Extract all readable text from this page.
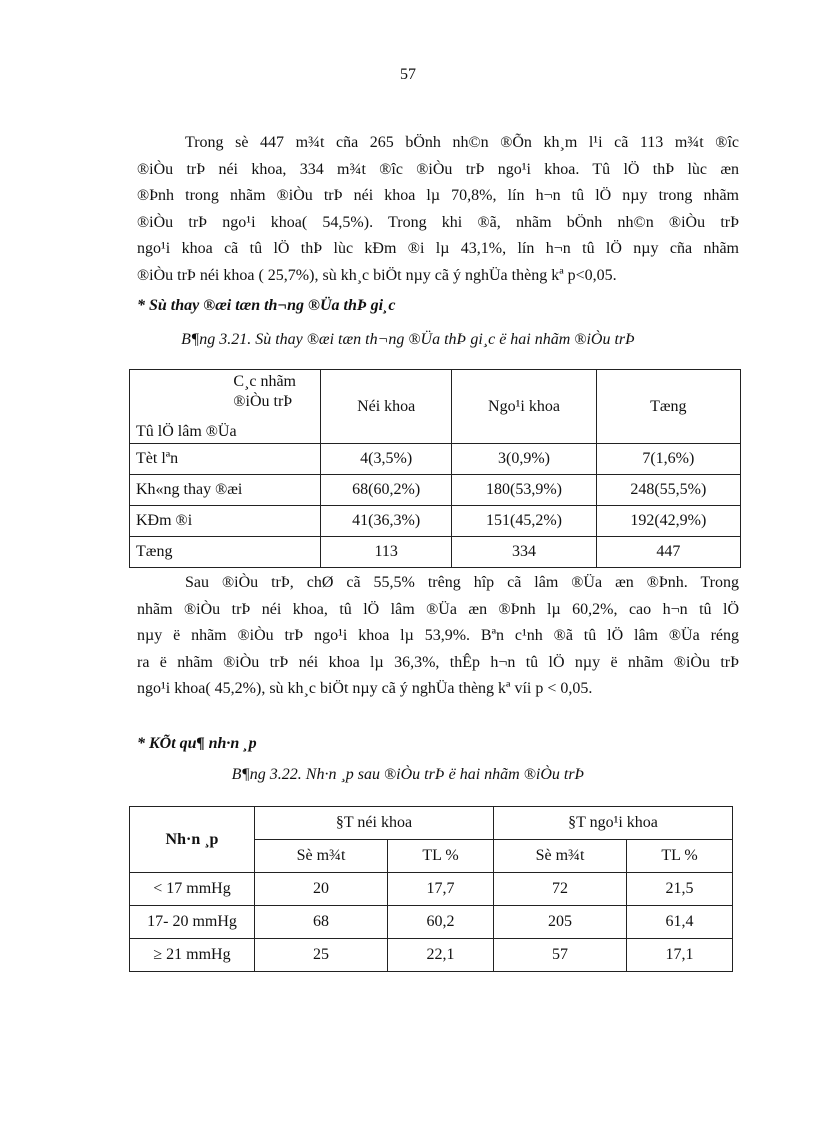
57
Trong sè 447 m¾t cña 265 bÖnh nh©n ®Õn kh¸m l¹i cã 113 m¾t ®îc
®iÒu trÞ néi khoa, 334 m¾t ®îc ®iÒu trÞ ngo¹i khoa. Tû lÖ thÞ lùc æn
®Þnh trong nhãm ®iÒu trÞ néi khoa lµ 70,8%, lín h¬n tû lÖ nµy trong nhãm
®iÒu trÞ ngo¹i khoa( 54,5%). Trong khi ®ã, nhãm bÖnh nh©n ®iÒu trÞ
ngo¹i khoa cã tû lÖ thÞ lùc kÐm ®i lµ 43,1%, lín h¬n tû lÖ nµy cña nhãm
®iÒu trÞ néi khoa ( 25,7%), sù kh¸c biÖt nµy cã ý nghÜa thèng kª p<0,05.
* Sù thay ®æi tæn th¬ng ®Üa thÞ gi¸c
B¶ng 3.21. Sù thay ®æi tæn th¬ng ®Üa thÞ gi¸c ë hai nhãm ®iÒu trÞ
C¸c nhãm
®iÒu trÞ
Tû lÖ lâm ®Üa	Néi khoa	Ngo¹i khoa	Tæng
Tèt lªn	4(3,5%)	3(0,9%)	7(1,6%)
Kh«ng thay ®æi	68(60,2%)	180(53,9%)	248(55,5%)
KÐm ®i	41(36,3%)	151(45,2%)	192(42,9%)
Tæng	113	334	447
Sau ®iÒu trÞ, chØ cã 55,5% trêng hîp cã lâm ®Üa æn ®Þnh. Trong
nhãm ®iÒu trÞ néi khoa, tû lÖ lâm ®Üa æn ®Þnh lµ 60,2%, cao h¬n tû lÖ
nµy ë nhãm ®iÒu trÞ ngo¹i khoa lµ 53,9%. Bªn c¹nh ®ã tû lÖ lâm ®Üa réng
ra ë nhãm ®iÒu trÞ néi khoa lµ 36,3%, thÊp h¬n tû lÖ nµy ë nhãm ®iÒu trÞ
ngo¹i khoa( 45,2%), sù kh¸c biÖt nµy cã ý nghÜa thèng kª víi p < 0,05.
* KÕt qu¶ nh·n ¸p
B¶ng 3.22. Nh·n ¸p sau ®iÒu trÞ ë hai nhãm ®iÒu trÞ
Nh·n ¸p	§T néi khoa		§T ngo¹i khoa	
	Sè m¾t	TL %	Sè m¾t	TL %
< 17 mmHg	20	17,7	72	21,5
17- 20 mmHg	68	60,2	205	61,4
≥ 21 mmHg	25	22,1	57	17,1
